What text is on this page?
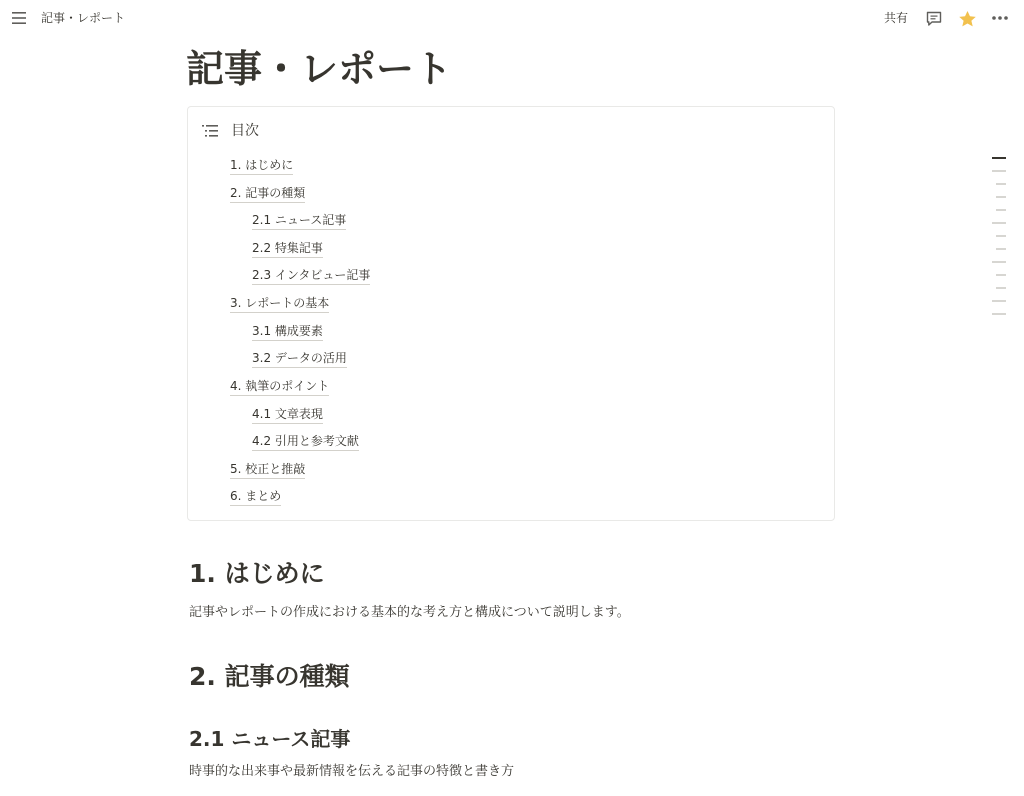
記事・レポート	共有
記事・レポート
目次
1. はじめに
2. 記事の種類
2.1 ニュース記事
2.2 特集記事
2.3 インタビュー記事
3. レポートの基本
3.1 構成要素
3.2 データの活用
4. 執筆のポイント
4.1 文章表現
4.2 引用と参考文献
5. 校正と推敲
6. まとめ
1. はじめに

記事やレポートの作成における基本的な考え方と構成について説明します。

2. 記事の種類
2.1 ニュース記事

時事的な出来事や最新情報を伝える記事の特徴と書き方
